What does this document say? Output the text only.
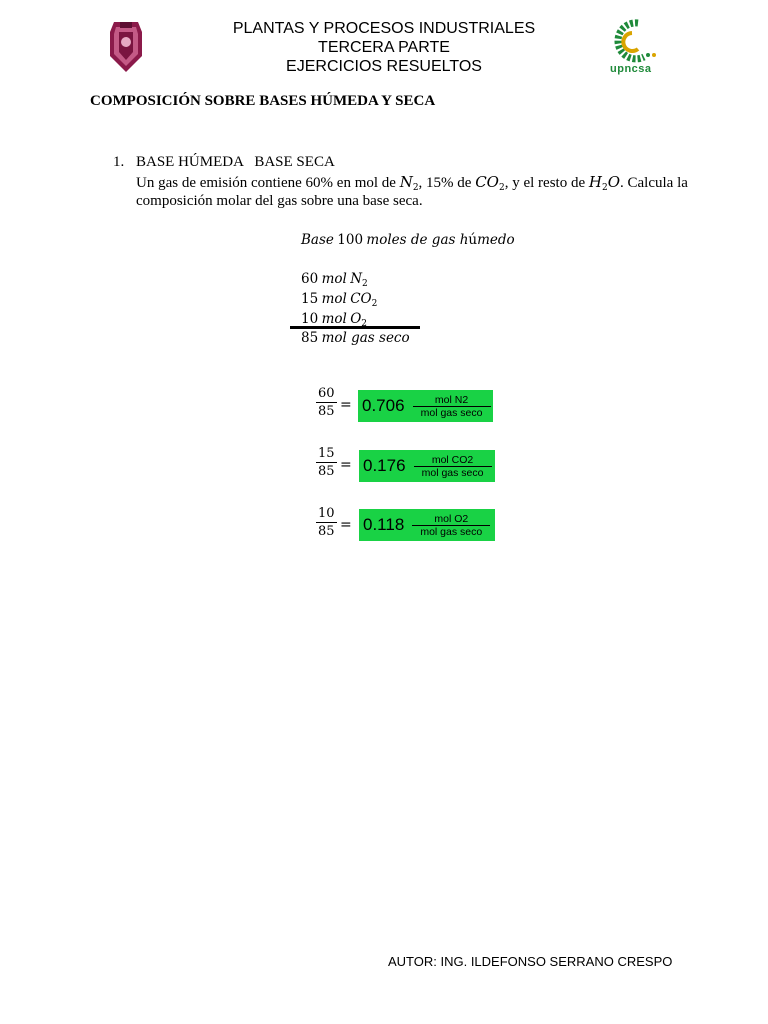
upncsa
PLANTAS Y PROCESOS INDUSTRIALES
TERCERA PARTE
EJERCICIOS RESUELTOS
COMPOSICIÓN SOBRE BASES HÚMEDA Y SECA
1. BASE HÚMEDA   BASE SECA
Un gas de emisión contiene 60% en mol de $N_2$, 15% de $CO_2$, y el resto de $H_2O$. Calcula la
composición molar del gas sobre una base seca.
Base 100 moles de gas húmedo
60 mol $N_2$
15 mol $CO_2$
10 mol $O_2$
85 mol gas seco
$\frac{60}{85} = 0.706 \frac{\text{mol N2}}{\text{mol gas seco}}$
$\frac{15}{85} = 0.176 \frac{\text{mol CO2}}{\text{mol gas seco}}$
$\frac{10}{85} = 0.118 \frac{\text{mol O2}}{\text{mol gas seco}}$
AUTOR: ING. ILDEFONSO SERRANO CRESPO
